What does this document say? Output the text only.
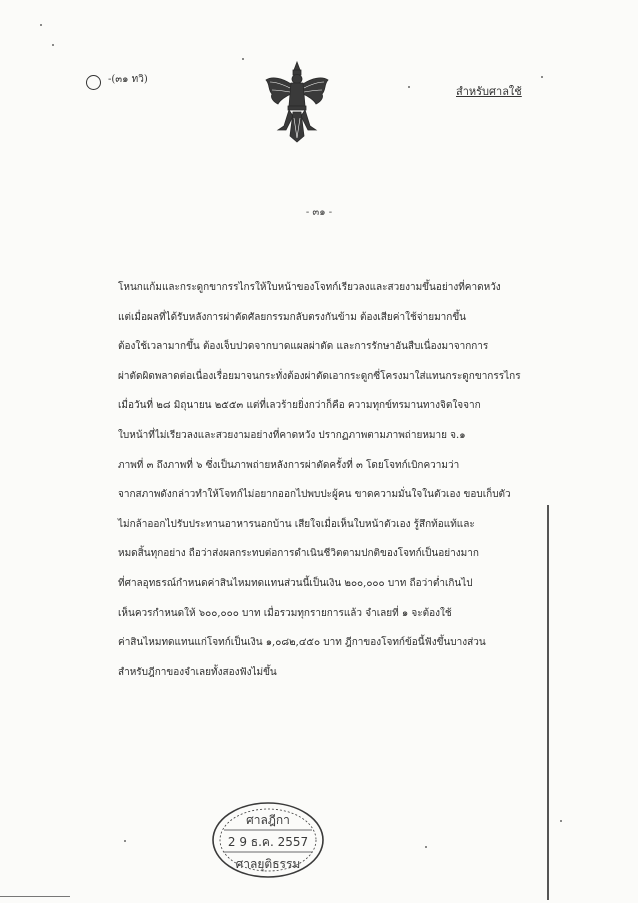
-(๓๑ ทวิ)
สำหรับศาลใช้
- ๓๑ -
โหนกแก้มและกระดูกขากรรไกรให้ใบหน้าของโจทก์เรียวลงและสวยงามขึ้นอย่างที่คาดหวัง
แต่เมื่อผลที่ได้รับหลังการผ่าตัดศัลยกรรมกลับตรงกันข้าม ต้องเสียค่าใช้จ่ายมากขึ้น
ต้องใช้เวลามากขึ้น ต้องเจ็บปวดจากบาดแผลผ่าตัด และการรักษาอันสืบเนื่องมาจากการ
ผ่าตัดผิดพลาดต่อเนื่องเรื่อยมาจนกระทั่งต้องผ่าตัดเอากระดูกซี่โครงมาใส่แทนกระดูกขากรรไกร
เมื่อวันที่ ๒๘ มิถุนายน ๒๕๕๓ แต่ที่เลวร้ายยิ่งกว่าก็คือ ความทุกข์ทรมานทางจิตใจจาก
ใบหน้าที่ไม่เรียวลงและสวยงามอย่างที่คาดหวัง ปรากฏภาพตามภาพถ่ายหมาย จ.๑
ภาพที่ ๓ ถึงภาพที่ ๖ ซึ่งเป็นภาพถ่ายหลังการผ่าตัดครั้งที่ ๓ โดยโจทก์เบิกความว่า
จากสภาพดังกล่าวทำให้โจทก์ไม่อยากออกไปพบปะผู้คน ขาดความมั่นใจในตัวเอง ขอบเก็บตัว
ไม่กล้าออกไปรับประทานอาหารนอกบ้าน เสียใจเมื่อเห็นใบหน้าตัวเอง รู้สึกท้อแท้และ
หมดสิ้นทุกอย่าง ถือว่าส่งผลกระทบต่อการดำเนินชีวิตตามปกติของโจทก์เป็นอย่างมาก
ที่ศาลอุทธรณ์กำหนดค่าสินไหมทดแทนส่วนนี้เป็นเงิน ๒๐๐,๐๐๐ บาท ถือว่าต่ำเกินไป
เห็นควรกำหนดให้ ๖๐๐,๐๐๐ บาท เมื่อรวมทุกรายการแล้ว จำเลยที่ ๑ จะต้องใช้
ค่าสินไหมทดแทนแก่โจทก์เป็นเงิน ๑,๐๘๒,๔๕๐ บาท ฎีกาของโจทก์ข้อนี้ฟังขึ้นบางส่วน
สำหรับฎีกาของจำเลยทั้งสองฟังไม่ขึ้น
ศาลฎีกา
2 9 ธ.ค. 2557
ศาลยุติธรรม
